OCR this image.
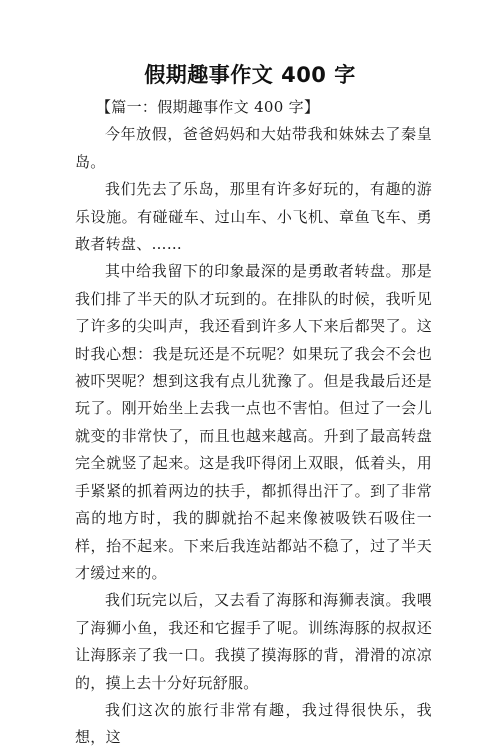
假期趣事作文 400 字

【篇一：假期趣事作文 400 字】

今年放假，爸爸妈妈和大姑带我和妹妹去了秦皇岛。

我们先去了乐岛，那里有许多好玩的，有趣的游乐设施。有碰碰车、过山车、小飞机、章鱼飞车、勇敢者转盘、……

其中给我留下的印象最深的是勇敢者转盘。那是我们排了半天的队才玩到的。在排队的时候，我听见了许多的尖叫声，我还看到许多人下来后都哭了。这时我心想：我是玩还是不玩呢？如果玩了我会不会也被吓哭呢？想到这我有点儿犹豫了。但是我最后还是玩了。刚开始坐上去我一点也不害怕。但过了一会儿就变的非常快了，而且也越来越高。升到了最高转盘完全就竖了起来。这是我吓得闭上双眼，低着头，用手紧紧的抓着两边的扶手，都抓得出汗了。到了非常高的地方时，我的脚就抬不起来像被吸铁石吸住一样，抬不起来。下来后我连站都站不稳了，过了半天才缓过来的。

我们玩完以后，又去看了海豚和海狮表演。我喂了海狮小鱼，我还和它握手了呢。训练海豚的叔叔还让海豚亲了我一口。我摸了摸海豚的背，滑滑的凉凉的，摸上去十分好玩舒服。

我们这次的旅行非常有趣，我过得很快乐，我想，这
